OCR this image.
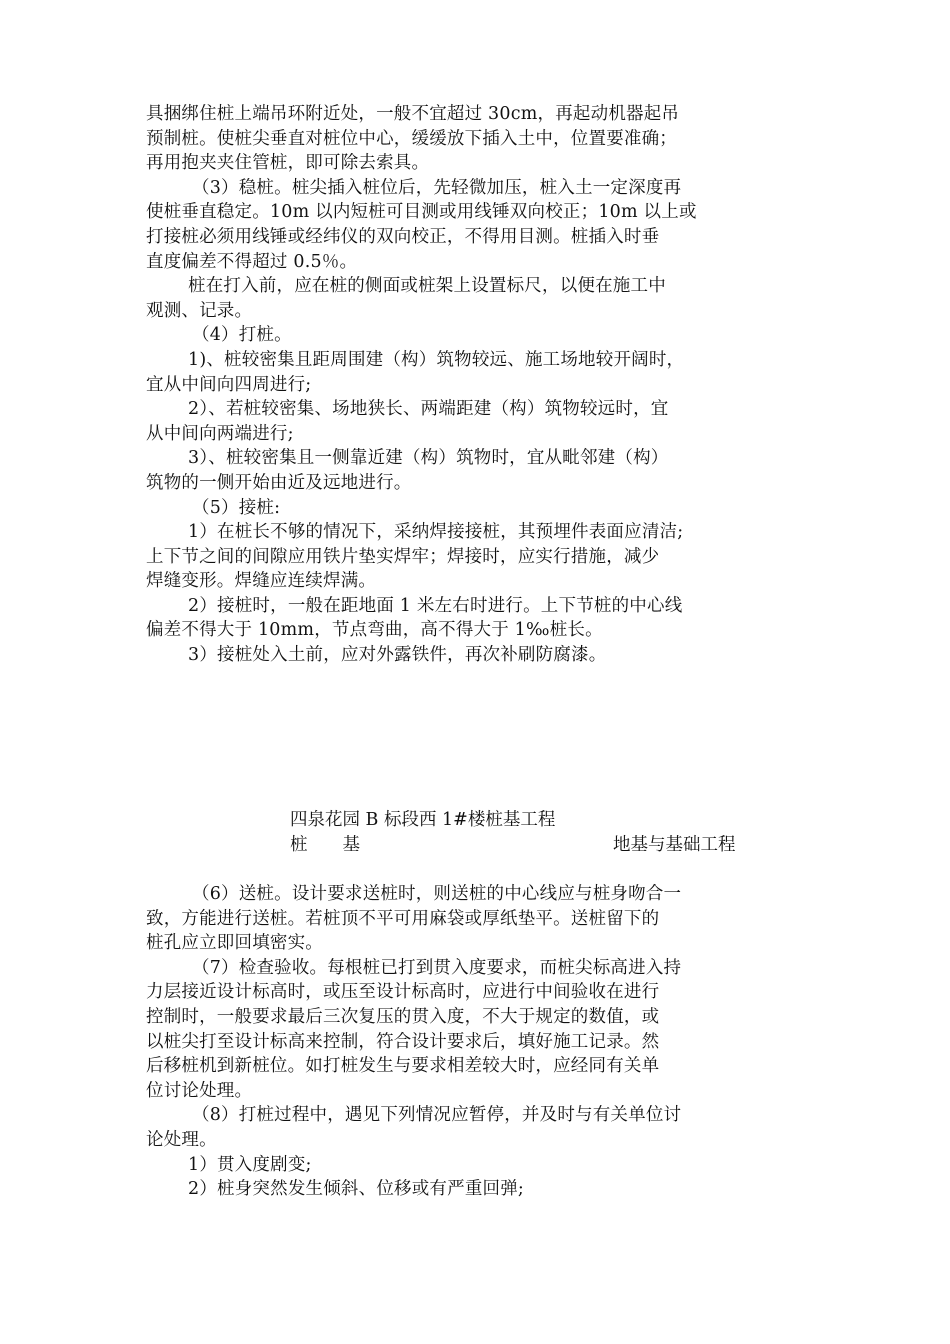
具捆绑住桩上端吊环附近处，一般不宜超过 30cm，再起动机器起吊
预制桩。使桩尖垂直对桩位中心，缓缓放下插入土中，位置要准确；
再用抱夹夹住管桩，即可除去索具。
（3）稳桩。桩尖插入桩位后，先轻微加压，桩入土一定深度再
使桩垂直稳定。10m 以内短桩可目测或用线锤双向校正；10m 以上或
打接桩必须用线锤或经纬仪的双向校正，不得用目测。桩插入时垂
直度偏差不得超过 0.5％。
桩在打入前，应在桩的侧面或桩架上设置标尺，以便在施工中
观测、记录。
（4）打桩。
1)、桩较密集且距周围建（构）筑物较远、施工场地较开阔时，
宜从中间向四周进行;
2）、若桩较密集、场地狭长、两端距建（构）筑物较远时，宜
从中间向两端进行;
3）、桩较密集且一侧靠近建（构）筑物时，宜从毗邻建（构）
筑物的一侧开始由近及远地进行。
（5）接桩:
1）在桩长不够的情况下，采纳焊接接桩，其预埋件表面应清洁;
上下节之间的间隙应用铁片垫实焊牢；焊接时，应实行措施，减少
焊缝变形。焊缝应连续焊满。
2）接桩时，一般在距地面 1 米左右时进行。上下节桩的中心线
偏差不得大于 10mm，节点弯曲，高不得大于 1‰桩长。
3）接桩处入土前，应对外露铁件，再次补刷防腐漆。
四泉花园 B 标段西 1#楼桩基工程
桩　　基	地基与基础工程
（6）送桩。设计要求送桩时，则送桩的中心线应与桩身吻合一
致，方能进行送桩。若桩顶不平可用麻袋或厚纸垫平。送桩留下的
桩孔应立即回填密实。
（7）检查验收。每根桩已打到贯入度要求，而桩尖标高进入持
力层接近设计标高时，或压至设计标高时，应进行中间验收在进行
控制时，一般要求最后三次复压的贯入度，不大于规定的数值，或
以桩尖打至设计标高来控制，符合设计要求后，填好施工记录。然
后移桩机到新桩位。如打桩发生与要求相差较大时，应经同有关单
位讨论处理。
（8）打桩过程中，遇见下列情况应暂停，并及时与有关单位讨
论处理。
1）贯入度剧变;
2）桩身突然发生倾斜、位移或有严重回弹;
